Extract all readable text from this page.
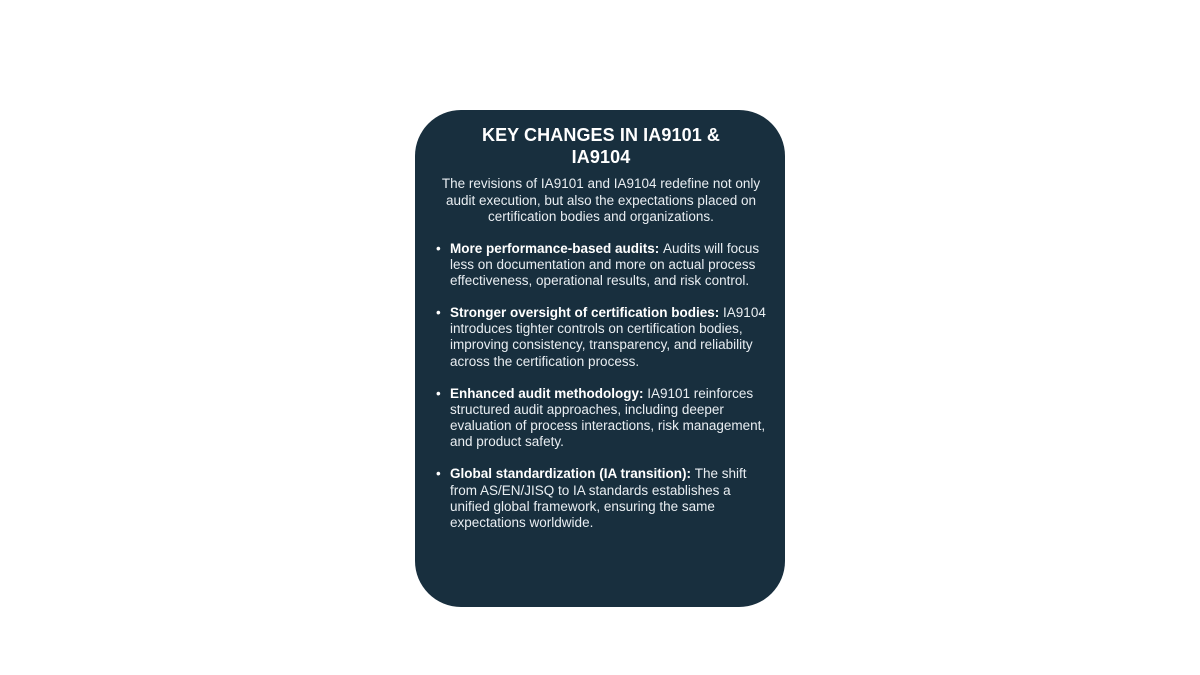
KEY CHANGES IN IA9101 & IA9104

The revisions of IA9101 and IA9104 redefine not only audit execution, but also the expectations placed on certification bodies and organizations.

• More performance-based audits: Audits will focus less on documentation and more on actual process effectiveness, operational results, and risk control.
• Stronger oversight of certification bodies: IA9104 introduces tighter controls on certification bodies, improving consistency, transparency, and reliability across the certification process.
• Enhanced audit methodology: IA9101 reinforces structured audit approaches, including deeper evaluation of process interactions, risk management, and product safety.
• Global standardization (IA transition): The shift from AS/EN/JISQ to IA standards establishes a unified global framework, ensuring the same expectations worldwide.
